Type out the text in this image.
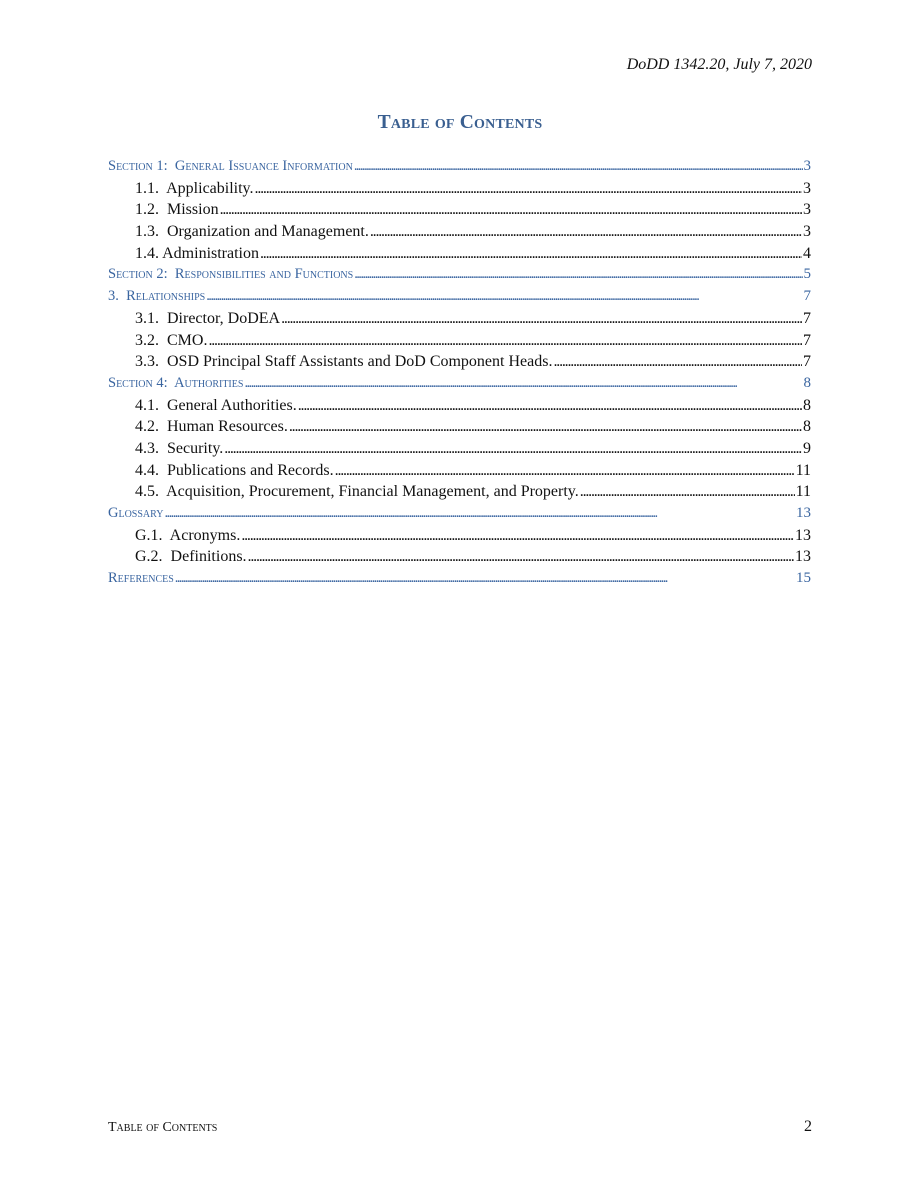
DoDD 1342.20, July 7, 2020
Table of Contents
Section 1:  General Issuance Information . . .	3
1.1.  Applicability. . . .	3
1.2.  Mission . . .	3
1.3.  Organization and Management. . . .	3
1.4. Administration . . .	4
Section 2:  Responsibilities and Functions . . .	5
3.  Relationships . . .	7
3.1.  Director, DoDEA . . .	7
3.2.  CMO. . . .	7
3.3.  OSD Principal Staff Assistants and DoD Component Heads. . . .	7
Section 4:  Authorities . . .	8
4.1.  General Authorities. . . .	8
4.2.  Human Resources. . . .	8
4.3.  Security. . . .	9
4.4.  Publications and Records. . . .	11
4.5.  Acquisition, Procurement, Financial Management, and Property. . . .	11
Glossary . . .	13
G.1.  Acronyms. . . .	13
G.2.  Definitions. . . .	13
References . . .	15
Table of Contents	2
